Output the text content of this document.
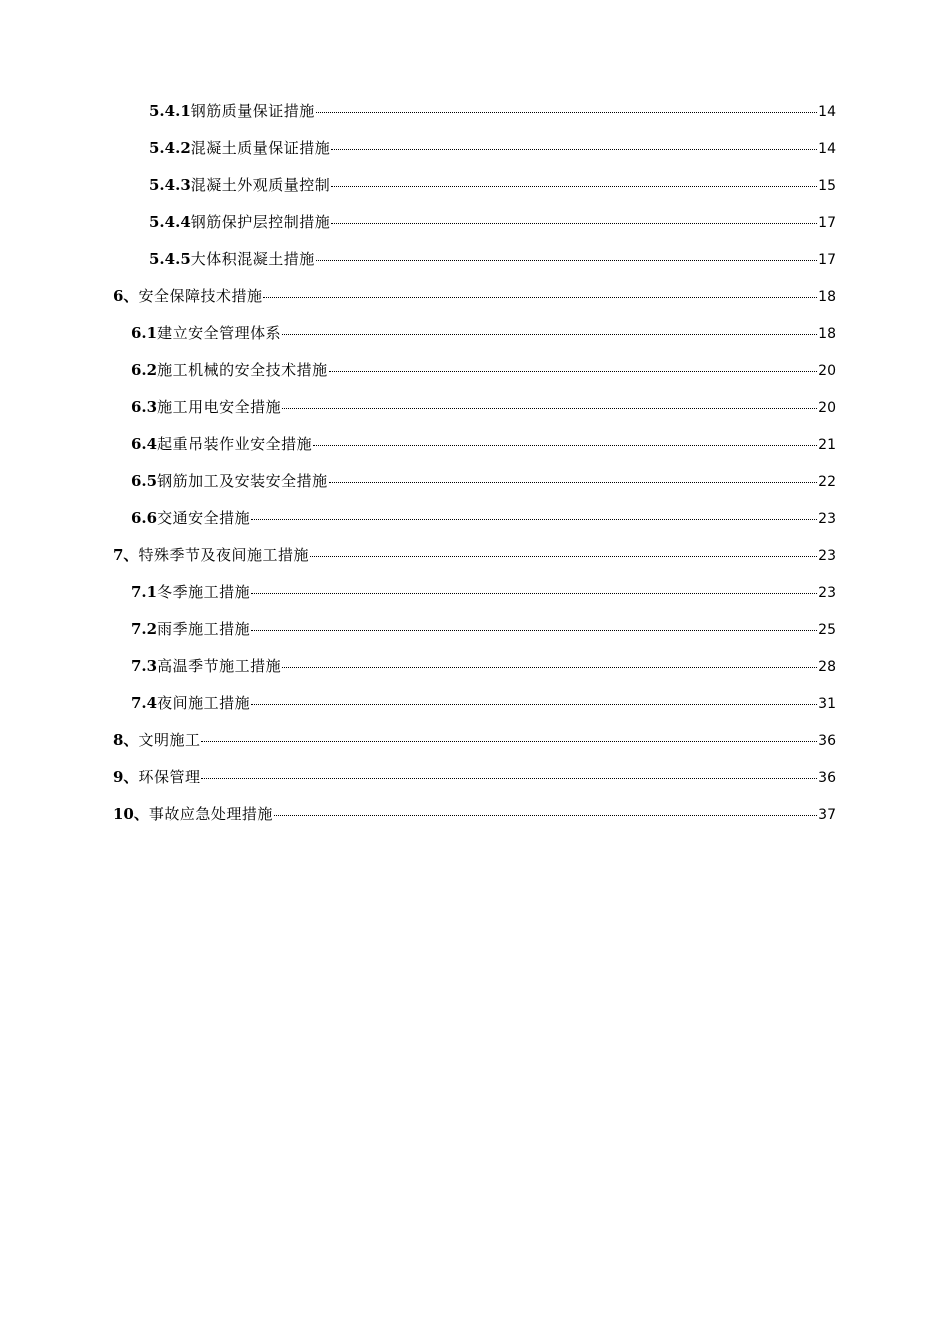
5.4.1 钢筋质量保证措施	14
5.4.2 混凝土质量保证措施	14
5.4.3 混凝土外观质量控制	15
5.4.4 钢筋保护层控制措施	17
5.4.5 大体积混凝土措施	17
6、 安全保障技术措施	18
6.1 建立安全管理体系	18
6.2 施工机械的安全技术措施	20
6.3 施工用电安全措施	20
6.4 起重吊装作业安全措施	21
6.5 钢筋加工及安装安全措施	22
6.6 交通安全措施	23
7、 特殊季节及夜间施工措施	23
7.1 冬季施工措施	23
7.2 雨季施工措施	25
7.3 高温季节施工措施	28
7.4 夜间施工措施	31
8、 文明施工	36
9、 环保管理	36
10、 事故应急处理措施	37
